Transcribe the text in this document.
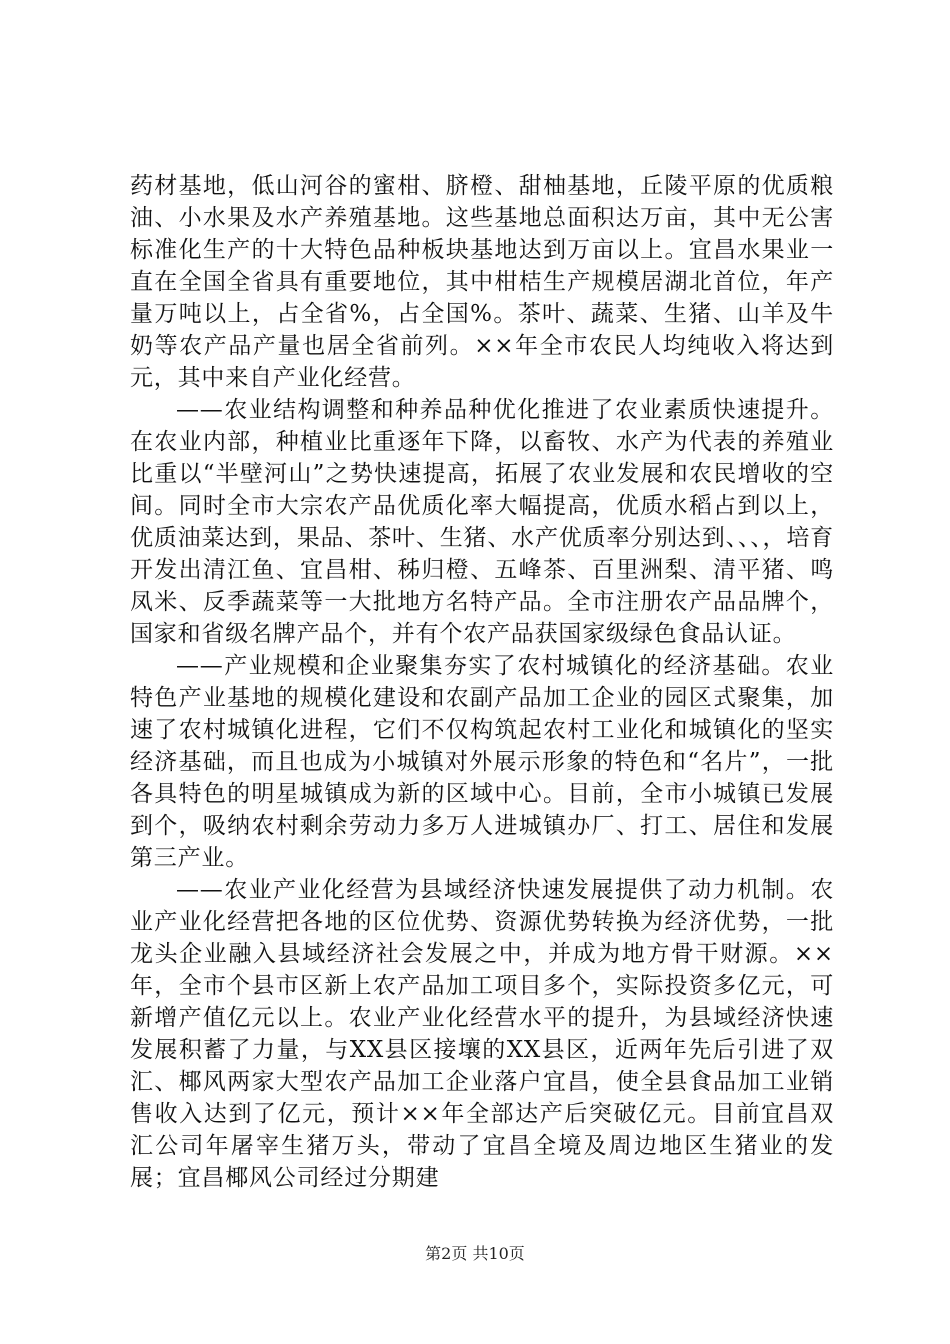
药材基地，低山河谷的蜜柑、脐橙、甜柚基地，丘陵平原的优质粮油、小水果及水产养殖基地。这些基地总面积达万亩，其中无公害标准化生产的十大特色品种板块基地达到万亩以上。宜昌水果业一直在全国全省具有重要地位，其中柑桔生产规模居湖北首位，年产量万吨以上，占全省%，占全国%。茶叶、蔬菜、生猪、山羊及牛奶等农产品产量也居全省前列。××年全市农民人均纯收入将达到元，其中来自产业化经营。

——农业结构调整和种养品种优化推进了农业素质快速提升。在农业内部，种植业比重逐年下降，以畜牧、水产为代表的养殖业比重以“半壁河山”之势快速提高，拓展了农业发展和农民增收的空间。同时全市大宗农产品优质化率大幅提高，优质水稻占到以上，优质油菜达到，果品、茶叶、生猪、水产优质率分别达到、、、，培育开发出清江鱼、宜昌柑、秭归橙、五峰茶、百里洲梨、清平猪、鸣凤米、反季蔬菜等一大批地方名特产品。全市注册农产品品牌个，国家和省级名牌产品个，并有个农产品获国家级绿色食品认证。

——产业规模和企业聚集夯实了农村城镇化的经济基础。农业特色产业基地的规模化建设和农副产品加工企业的园区式聚集，加速了农村城镇化进程，它们不仅构筑起农村工业化和城镇化的坚实经济基础，而且也成为小城镇对外展示形象的特色和“名片”，一批各具特色的明星城镇成为新的区域中心。目前，全市小城镇已发展到个，吸纳农村剩余劳动力多万人进城镇办厂、打工、居住和发展第三产业。

——农业产业化经营为县域经济快速发展提供了动力机制。农业产业化经营把各地的区位优势、资源优势转换为经济优势，一批龙头企业融入县域经济社会发展之中，并成为地方骨干财源。××年，全市个县市区新上农产品加工项目多个，实际投资多亿元，可新增产值亿元以上。农业产业化经营水平的提升，为县域经济快速发展积蓄了力量，与XX县区接壤的XX县区，近两年先后引进了双汇、椰风两家大型农产品加工企业落户宜昌，使全县食品加工业销售收入达到了亿元，预计××年全部达产后突破亿元。目前宜昌双汇公司年屠宰生猪万头，带动了宜昌全境及周边地区生猪业的发展；宜昌椰风公司经过分期建

第2页 共10页
